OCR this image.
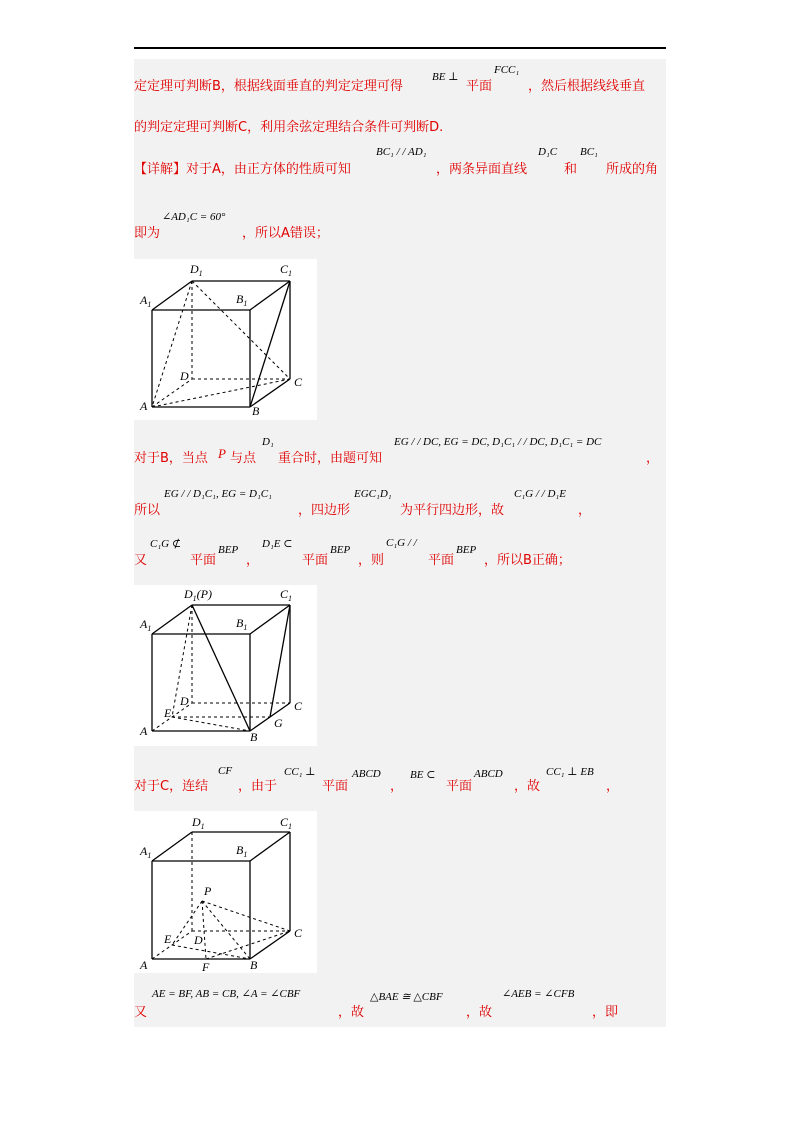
定定理可判断B，根据线面垂直的判定定理可得
BE ⊥
平面
FCC₁
，然后根据线线垂直
的判定定理可判断C，利用余弦定理结合条件可判断D.
【详解】对于A，由正方体的性质可知
BC₁ / / AD₁
，两条异面直线
D₁C
和
BC₁
所成的角
即为
∠AD₁C = 60°
，所以A错误；
$A_1$
$D_1$	$C_1$
$B_1$
D	C
A	B
对于B，当点 P 与点
D₁
重合时，由题可知
EG / / DC, EG = DC, D₁C₁ / / DC, D₁C₁ = DC
，
所以
EG / / D₁C₁, EG = D₁C₁
，四边形
EGC₁D₁
为平行四边形，故
C₁G / / D₁E
，
又
C₁G ⊄
平面
BEP
，
D₁E ⊂
平面
BEP
，则
C₁G / /
平面
BEP
，所以B正确；
$A_1$
$D_1(P)$	$C_1$
$B_1$
D
E	C
G
A	B
对于C，连结
CF
，由于
CC₁ ⊥
平面
ABCD
，
BE ⊂
平面
ABCD
，故
CC₁ ⊥ EB
，
$A_1$
$D_1$	$C_1$
$B_1$
P
D
E	C
A	F	B
又
AE = BF, AB = CB, ∠A = ∠CBF
，故
△BAE ≅ △CBF
，故
∠AEB = ∠CFB
，即
